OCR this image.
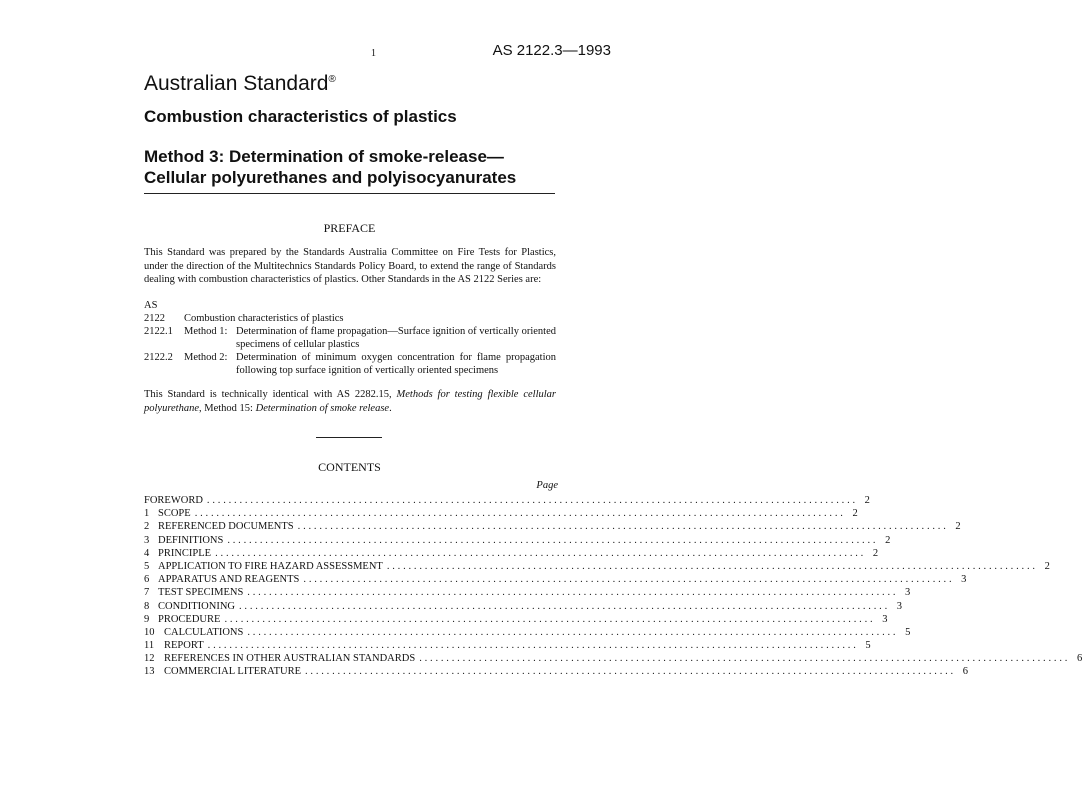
1	AS 2122.3—1993
Australian Standard®
Combustion characteristics of plastics
Method 3: Determination of smoke-release—
Cellular polyurethanes and polyisocyanurates
PREFACE
This Standard was prepared by the Standards Australia Committee on Fire Tests for Plastics, under the direction of the Multitechnics Standards Policy Board, to extend the range of Standards dealing with combustion characteristics of plastics. Other Standards in the AS 2122 Series are:
AS
2122	Combustion characteristics of plastics
2122.1	Method 1: Determination of flame propagation—Surface ignition of vertically oriented specimens of cellular plastics
2122.2	Method 2: Determination of minimum oxygen concentration for flame propagation following top surface ignition of vertically oriented specimens
This Standard is technically identical with AS 2282.15, Methods for testing flexible cellular polyurethane, Method 15: Determination of smoke release.
CONTENTS
Page
FOREWORD ........................................................................................................................ 2
1 SCOPE ........................................................................................................................ 2
2 REFERENCED DOCUMENTS ........................................................................................................................ 2
3 DEFINITIONS ........................................................................................................................ 2
4 PRINCIPLE ........................................................................................................................ 2
5 APPLICATION TO FIRE HAZARD ASSESSMENT ........................................................................................................................ 2
6 APPARATUS AND REAGENTS ........................................................................................................................ 3
7 TEST SPECIMENS ........................................................................................................................ 3
8 CONDITIONING ........................................................................................................................ 3
9 PROCEDURE ........................................................................................................................ 3
10 CALCULATIONS ........................................................................................................................ 5
11 REPORT ........................................................................................................................ 5
12 REFERENCES IN OTHER AUSTRALIAN STANDARDS ........................................................................................................................ 6
13 COMMERCIAL LITERATURE ........................................................................................................................ 6
